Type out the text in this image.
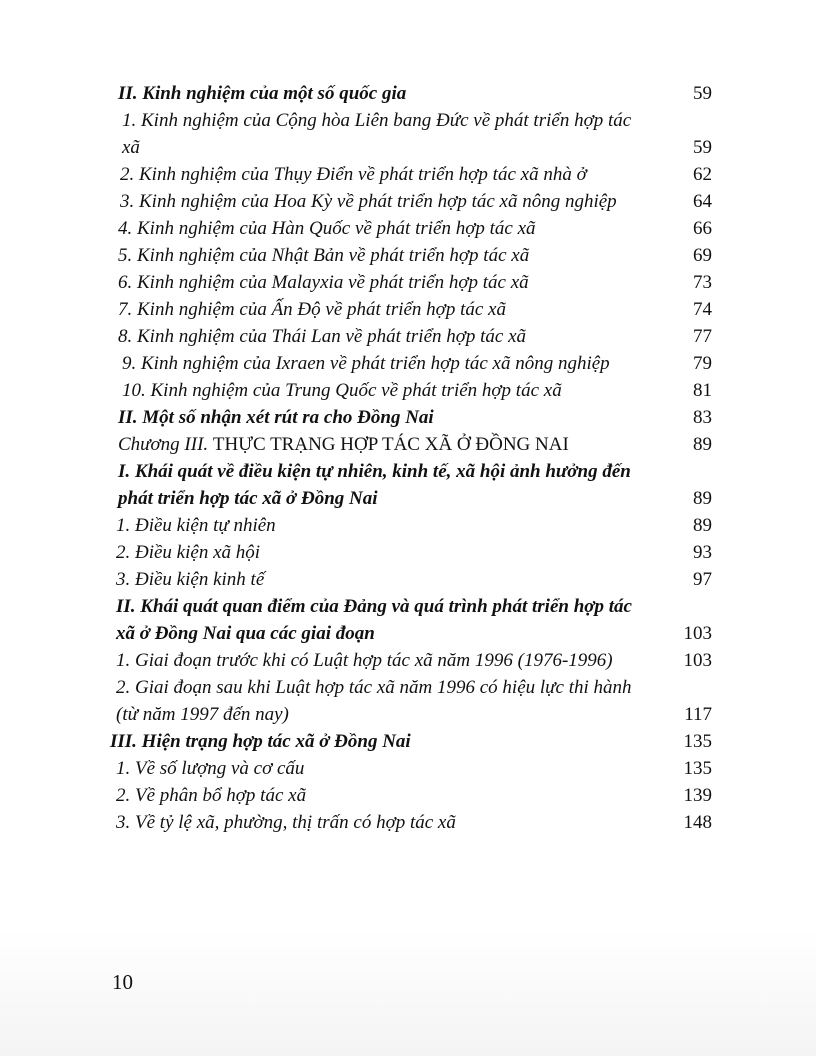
II. Kinh nghiệm của một số quốc gia	59
1. Kinh nghiệm của Cộng hòa Liên bang Đức về phát triển hợp tác xã	59
2. Kinh nghiệm của Thụy Điển về phát triển hợp tác xã nhà ở	62
3. Kinh nghiệm của Hoa Kỳ về phát triển hợp tác xã nông nghiệp	64
4. Kinh nghiệm của Hàn Quốc về phát triển hợp tác xã	66
5. Kinh nghiệm của Nhật Bản về phát triển hợp tác xã	69
6. Kinh nghiệm của Malayxia về phát triển hợp tác xã	73
7. Kinh nghiệm của Ấn Độ về phát triển hợp tác xã	74
8. Kinh nghiệm của Thái Lan về phát triển hợp tác xã	77
9. Kinh nghiệm của Ixraen về phát triển hợp tác xã nông nghiệp	79
10. Kinh nghiệm của Trung Quốc về phát triển hợp tác xã	81
II. Một số nhận xét rút ra cho Đồng Nai	83
Chương III. THỰC TRẠNG HỢP TÁC XÃ Ở ĐỒNG NAI	89
I. Khái quát về điều kiện tự nhiên, kinh tế, xã hội ảnh hưởng đến phát triển hợp tác xã ở Đồng Nai	89
1. Điều kiện tự nhiên	89
2. Điều kiện xã hội	93
3. Điều kiện kinh tế	97
II. Khái quát quan điểm của Đảng và quá trình phát triển hợp tác xã ở Đồng Nai qua các giai đoạn	103
1. Giai đoạn trước khi có Luật hợp tác xã năm 1996 (1976-1996)	103
2. Giai đoạn sau khi Luật hợp tác xã năm 1996 có hiệu lực thi hành (từ năm 1997 đến nay)	117
III. Hiện trạng hợp tác xã ở Đồng Nai	135
1. Về số lượng và cơ cấu	135
2. Về phân bổ hợp tác xã	139
3. Về tỷ lệ xã, phường, thị trấn có hợp tác xã	148
10
